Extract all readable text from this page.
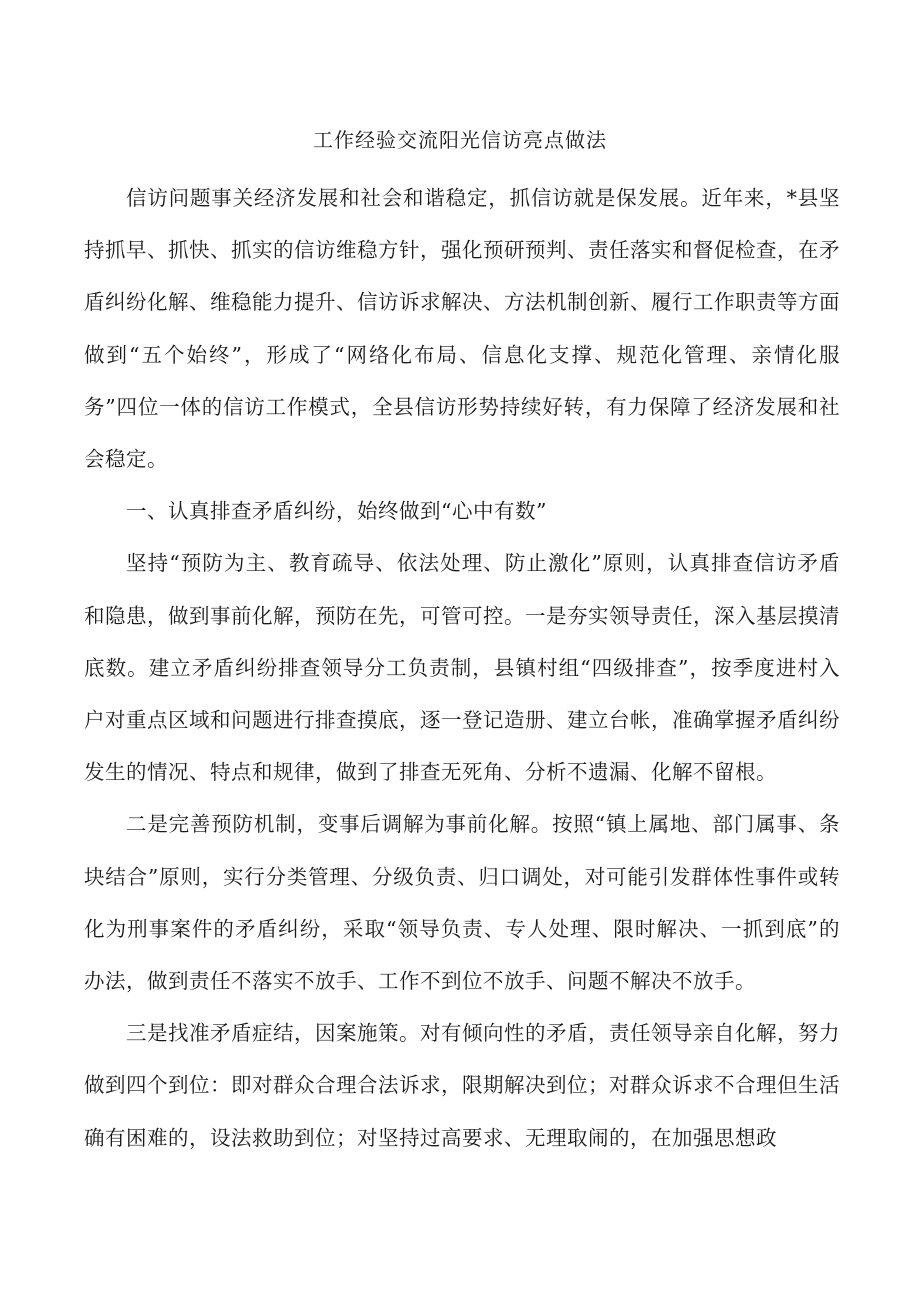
工作经验交流阳光信访亮点做法

信访问题事关经济发展和社会和谐稳定，抓信访就是保发展。近年来，*县坚持抓早、抓快、抓实的信访维稳方针，强化预研预判、责任落实和督促检查，在矛盾纠纷化解、维稳能力提升、信访诉求解决、方法机制创新、履行工作职责等方面做到“五个始终”，形成了“网络化布局、信息化支撑、规范化管理、亲情化服务”四位一体的信访工作模式，全县信访形势持续好转，有力保障了经济发展和社会稳定。

一、认真排查矛盾纠纷，始终做到“心中有数”

坚持“预防为主、教育疏导、依法处理、防止激化”原则，认真排查信访矛盾和隐患，做到事前化解，预防在先，可管可控。一是夯实领导责任，深入基层摸清底数。建立矛盾纠纷排查领导分工负责制，县镇村组“四级排查”，按季度进村入户对重点区域和问题进行排查摸底，逐一登记造册、建立台帐，准确掌握矛盾纠纷发生的情况、特点和规律，做到了排查无死角、分析不遗漏、化解不留根。

二是完善预防机制，变事后调解为事前化解。按照“镇上属地、部门属事、条块结合”原则，实行分类管理、分级负责、归口调处，对可能引发群体性事件或转化为刑事案件的矛盾纠纷，采取“领导负责、专人处理、限时解决、一抓到底”的办法，做到责任不落实不放手、工作不到位不放手、问题不解决不放手。

三是找准矛盾症结，因案施策。对有倾向性的矛盾，责任领导亲自化解，努力做到四个到位：即对群众合理合法诉求，限期解决到位；对群众诉求不合理但生活确有困难的，设法救助到位；对坚持过高要求、无理取闹的，在加强思想政
